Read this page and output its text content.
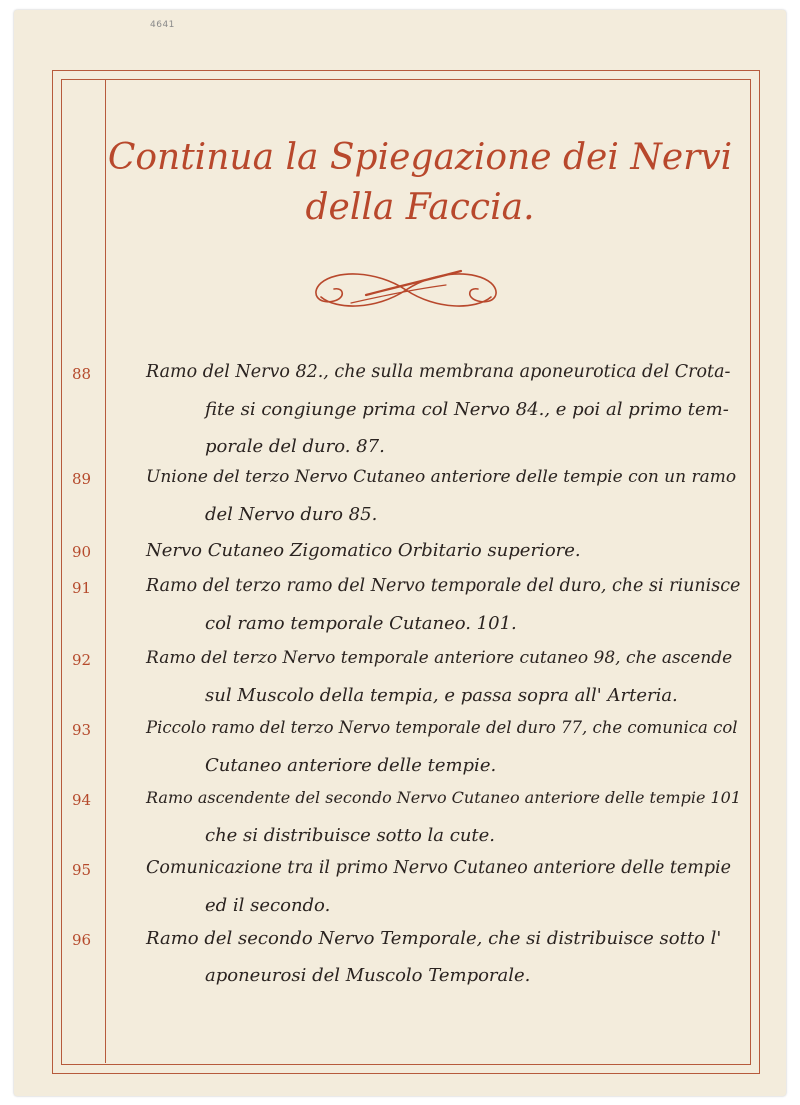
4641
Continua la Spiegazione dei Nervi
della Faccia.
88	Ramo del Nervo 82., che sulla membrana aponeurotica del Crota-
fite si congiunge prima col Nervo 84., e poi al primo tem-
porale del duro. 87.
89	Unione del terzo Nervo Cutaneo anteriore delle tempie con un ramo
del Nervo duro 85.
90	Nervo Cutaneo Zigomatico Orbitario superiore.
91	Ramo del terzo ramo del Nervo temporale del duro, che si riunisce
col ramo temporale Cutaneo. 101.
92	Ramo del terzo Nervo temporale anteriore cutaneo 98, che ascende
sul Muscolo della tempia, e passa sopra all' Arteria.
93	Piccolo ramo del terzo Nervo temporale del duro 77, che comunica col
Cutaneo anteriore delle tempie.
94	Ramo ascendente del secondo Nervo Cutaneo anteriore delle tempie 101
che si distribuisce sotto la cute.
95	Comunicazione tra il primo Nervo Cutaneo anteriore delle tempie
ed il secondo.
96	Ramo del secondo Nervo Temporale, che si distribuisce sotto l'
aponeurosi del Muscolo Temporale.
